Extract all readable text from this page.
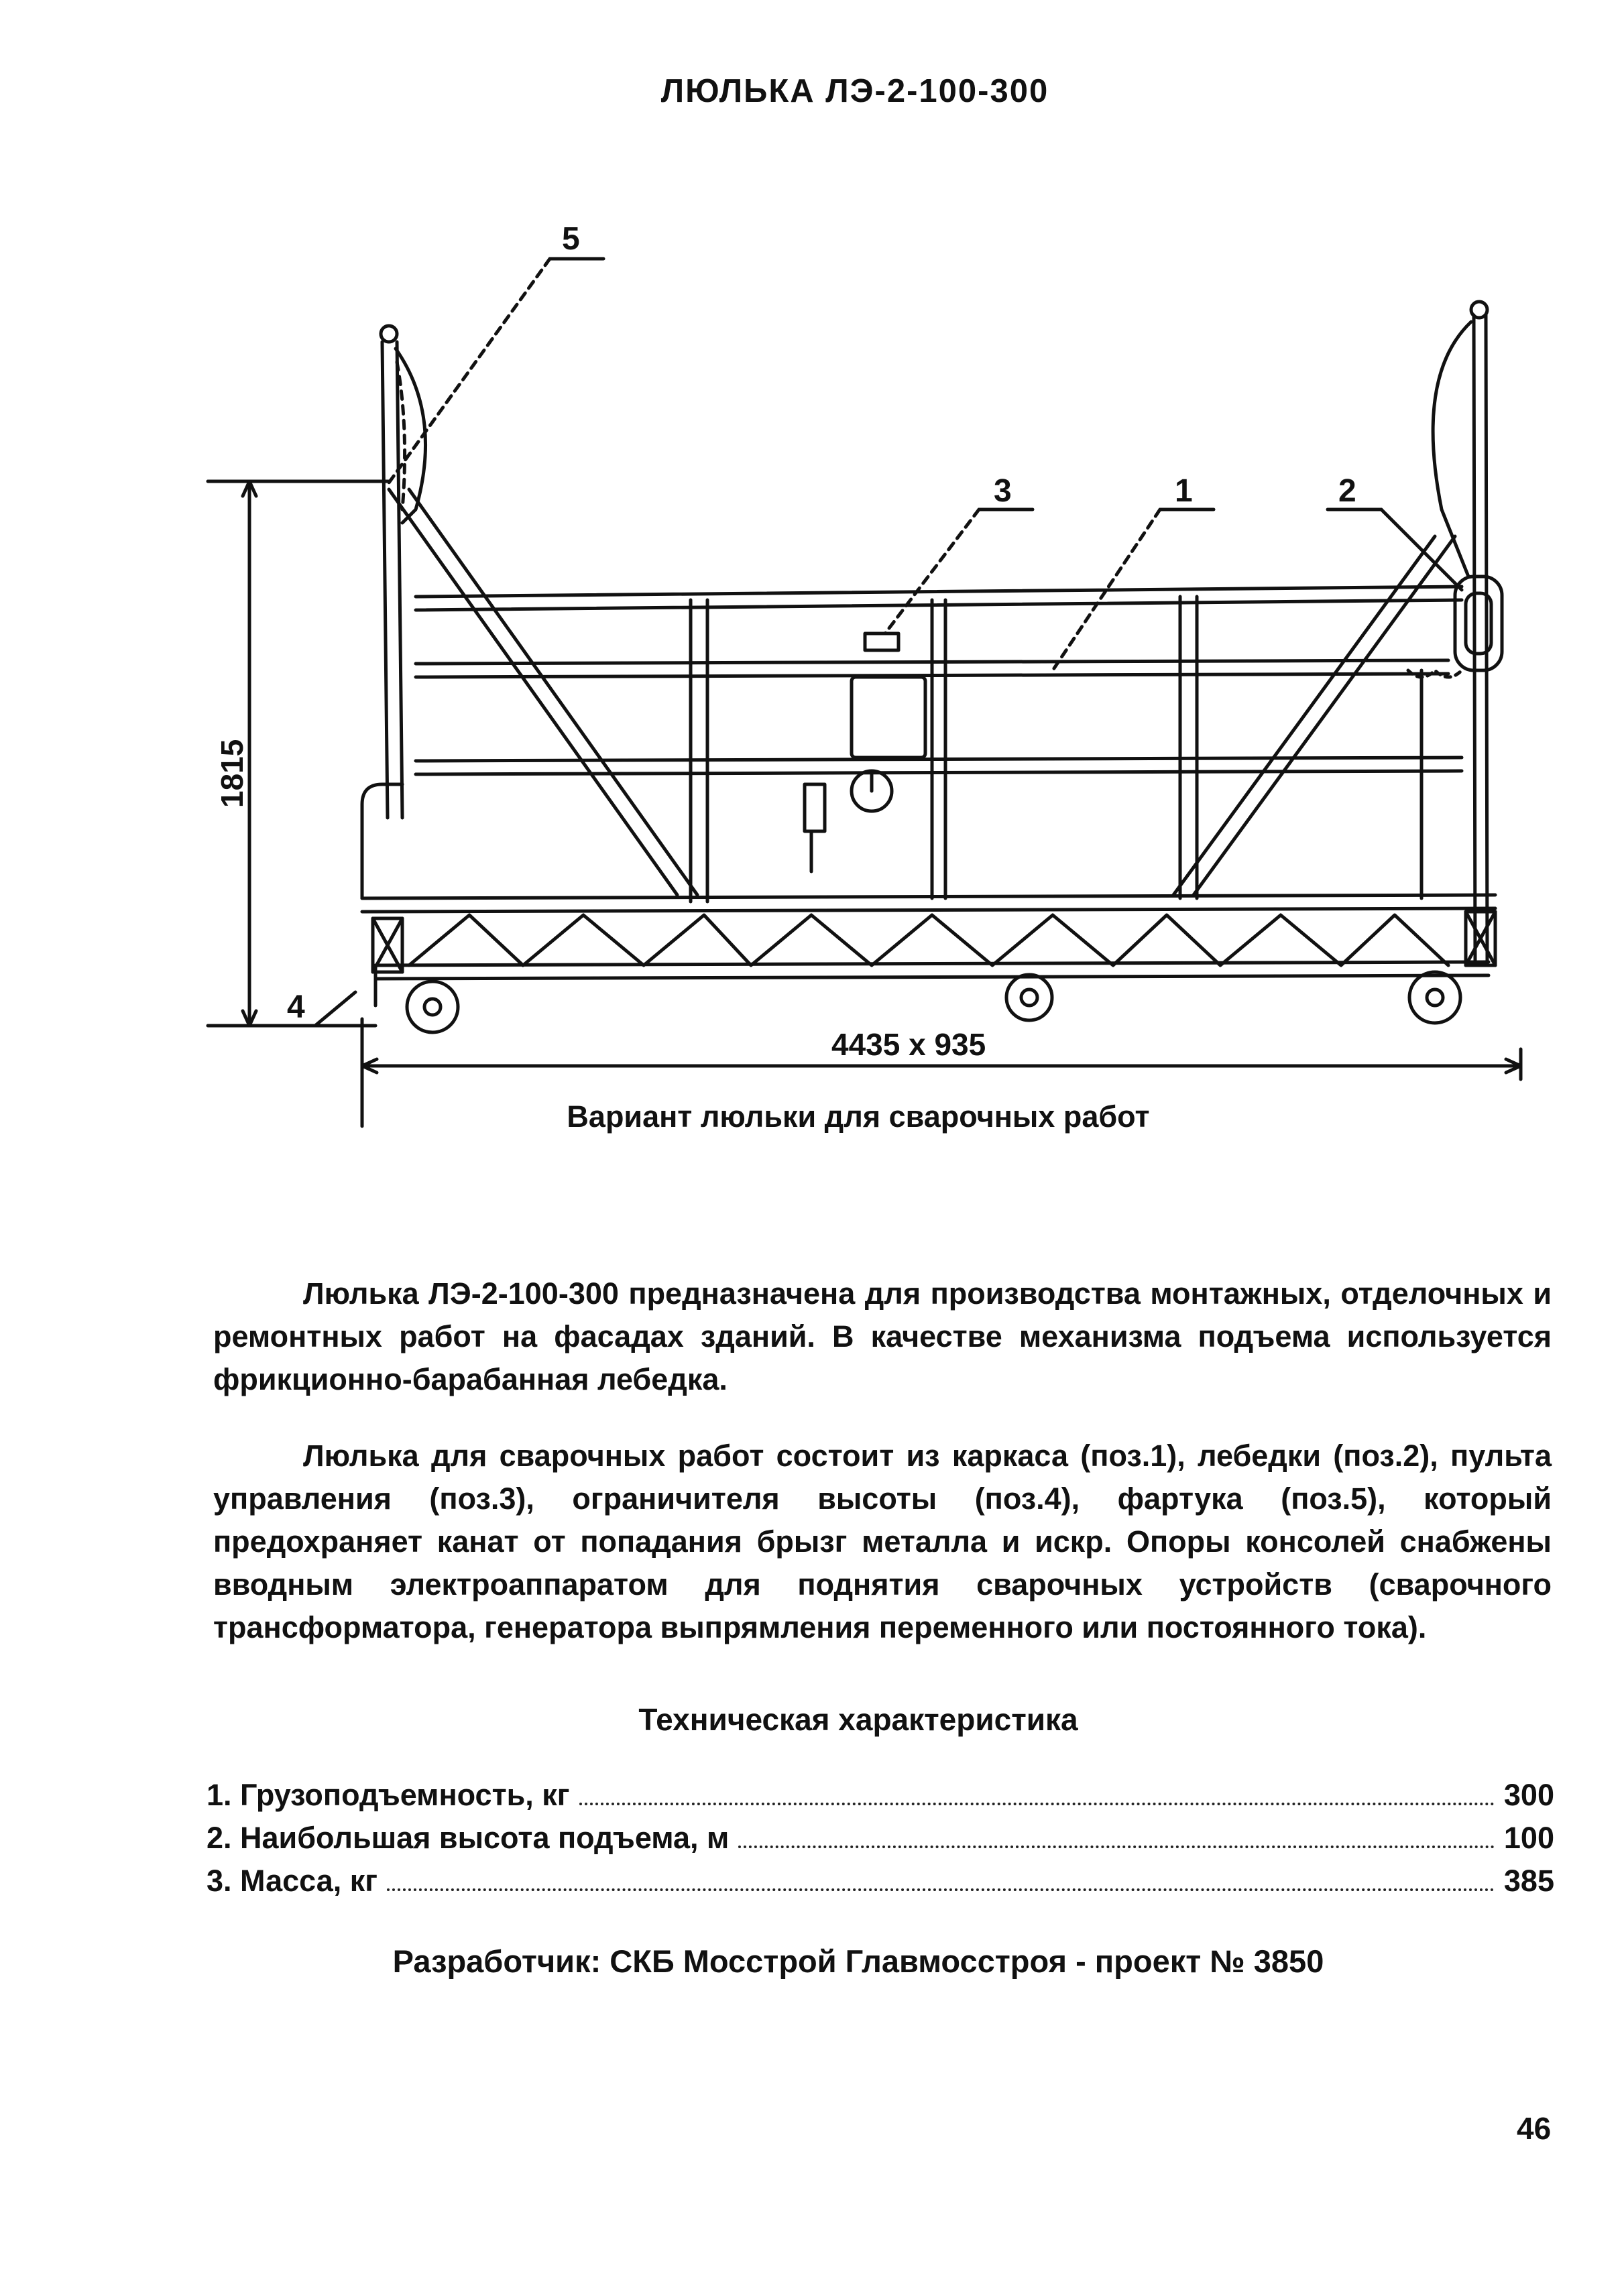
ЛЮЛЬКА ЛЭ-2-100-300
5
3	1	2
4
1815
4435 x 935
Вариант люльки для сварочных работ
Люлька ЛЭ-2-100-300 предназначена для производства монтажных, отделочных и ремонтных работ на фасадах зданий. В качестве механизма подъема используется фрикционно-барабанная лебедка.
Люлька для сварочных работ состоит из каркаса (поз.1), лебедки (поз.2), пульта управления (поз.3), ограничителя высоты (поз.4), фартука (поз.5), который предохраняет канат от попадания брызг металла и искр. Опоры консолей снабжены вводным электроаппаратом для поднятия сварочных устройств (сварочного трансформатора, генератора выпрямления переменного или постоянного тока).
Техническая характеристика
1. Грузоподъемность, кг	300
2. Наибольшая высота подъема, м	100
3. Масса, кг	385
Разработчик: СКБ Мосстрой Главмосстроя - проект № 3850
46
